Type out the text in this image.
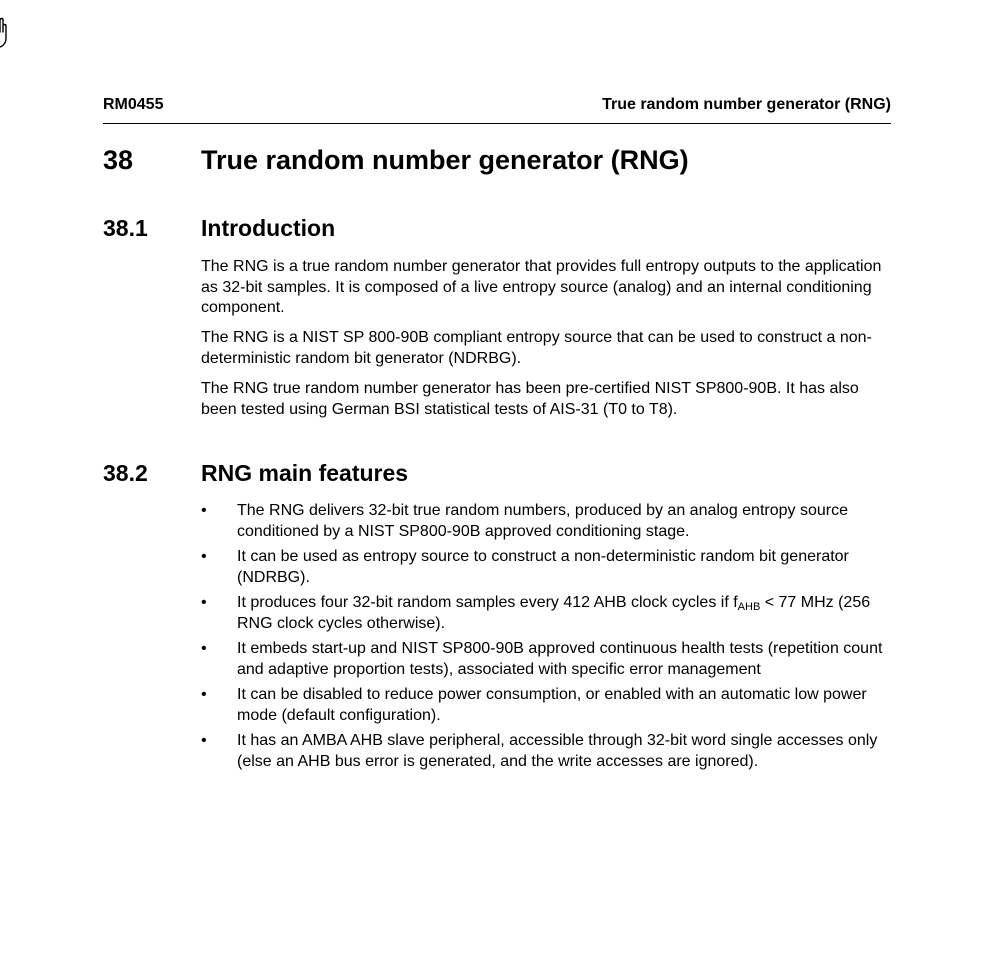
RM0455	True random number generator (RNG)
38	True random number generator (RNG)
38.1 Introduction

The RNG is a true random number generator that provides full entropy outputs to the application as 32-bit samples. It is composed of a live entropy source (analog) and an internal conditioning component.

The RNG is a NIST SP 800-90B compliant entropy source that can be used to construct a non-deterministic random bit generator (NDRBG).

The RNG true random number generator has been pre-certified NIST SP800-90B. It has also been tested using German BSI statistical tests of AIS-31 (T0 to T8).

38.2 RNG main features
• The RNG delivers 32-bit true random numbers, produced by an analog entropy source conditioned by a NIST SP800-90B approved conditioning stage.
• It can be used as entropy source to construct a non-deterministic random bit generator (NDRBG).
• It produces four 32-bit random samples every 412 AHB clock cycles if $f_{AHB} < 77$ MHz (256 RNG clock cycles otherwise).
• It embeds start-up and NIST SP800-90B approved continuous health tests (repetition count and adaptive proportion tests), associated with specific error management
• It can be disabled to reduce power consumption, or enabled with an automatic low power mode (default configuration).
• It has an AMBA AHB slave peripheral, accessible through 32-bit word single accesses only (else an AHB bus error is generated, and the write accesses are ignored).
